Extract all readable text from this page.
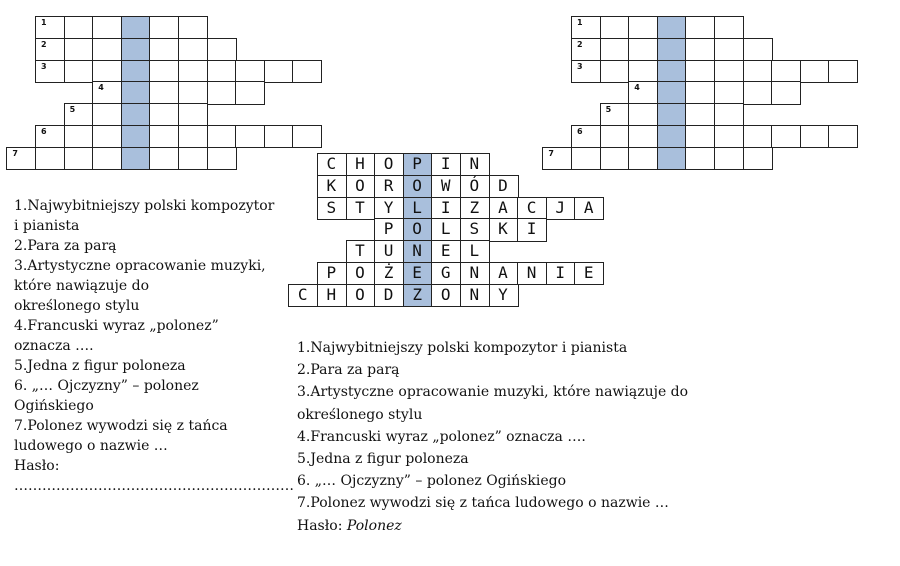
1
2
3
4
5
6
7
1.Najwybitniejszy polski kompozytor i pianista
2.Para za parą
3.Artystyczne opracowanie muzyki, które nawiązuje do
określonego stylu
4.Francuski wyraz „polonez” oznacza ….
5.Jedna z figur poloneza
6. „… Ojczyzny” – polonez Ogińskiego
7.Polonez wywodzi się z tańca ludowego o nazwie …
Hasło: ……………………………………………………
1
2
3
4
5
6
7
CHOPIN
KOROWÓD
STYLIZACJA
POLSKI
TUNEL
POŻEGNANIE
CHODZONY
1.Najwybitniejszy polski kompozytor i pianista
2.Para za parą
3.Artystyczne opracowanie muzyki, które nawiązuje do
określonego stylu
4.Francuski wyraz „polonez” oznacza ….
5.Jedna z figur poloneza
6. „… Ojczyzny” – polonez Ogińskiego
7.Polonez wywodzi się z tańca ludowego o nazwie …
Hasło: Polonez
